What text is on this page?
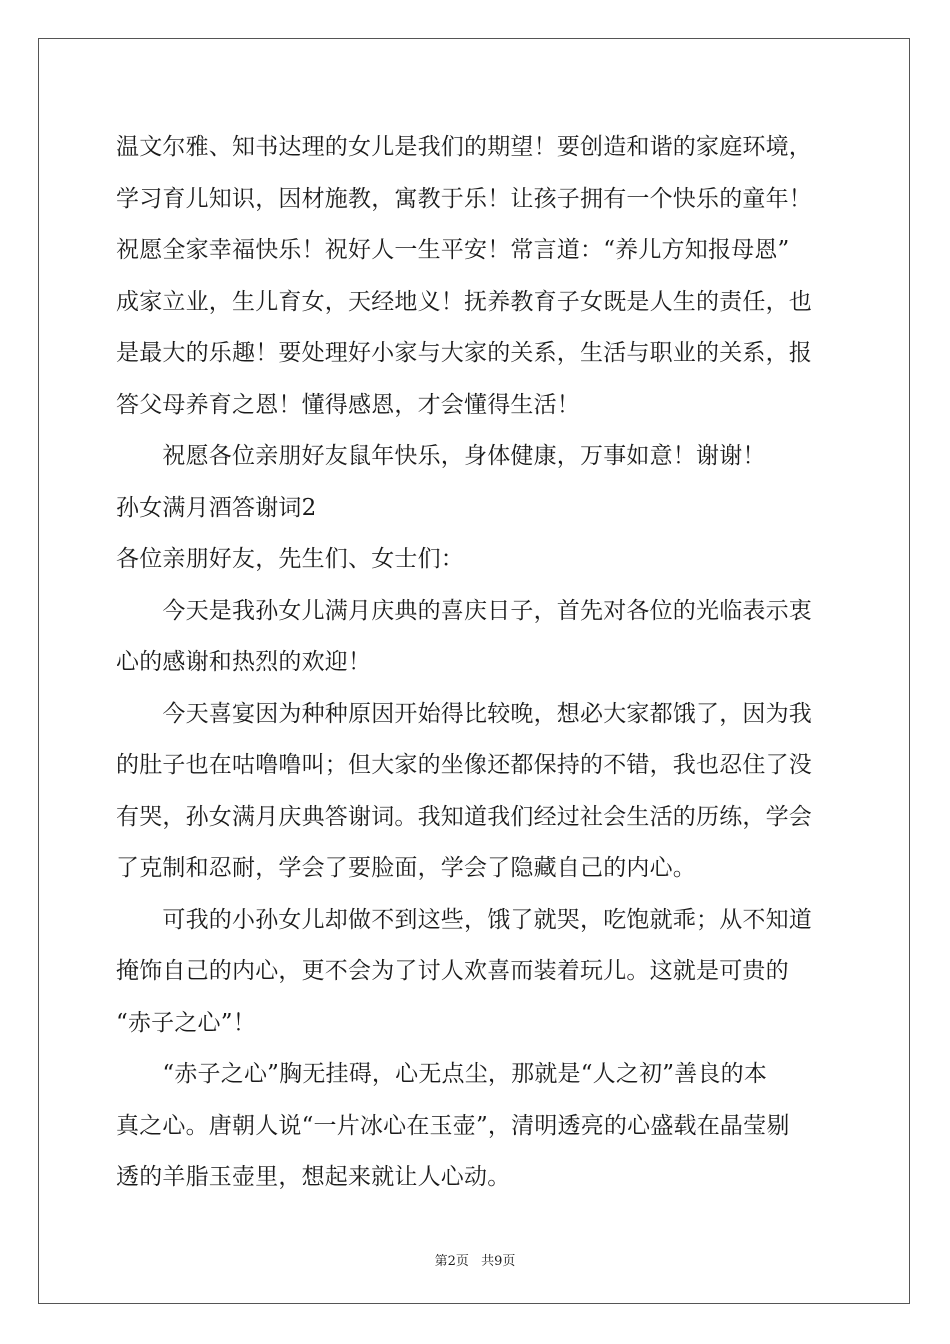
温文尔雅、知书达理的女儿是我们的期望！要创造和谐的家庭环境，
学习育儿知识，因材施教，寓教于乐！让孩子拥有一个快乐的童年！
祝愿全家幸福快乐！祝好人一生平安！常言道：“养儿方知报母恩”
成家立业，生儿育女，天经地义！抚养教育子女既是人生的责任，也
是最大的乐趣！要处理好小家与大家的关系，生活与职业的关系，报
答父母养育之恩！懂得感恩，才会懂得生活！
　　祝愿各位亲朋好友鼠年快乐，身体健康，万事如意！谢谢！
孙女满月酒答谢词2
各位亲朋好友，先生们、女士们：
　　今天是我孙女儿满月庆典的喜庆日子，首先对各位的光临表示衷
心的感谢和热烈的欢迎！
　　今天喜宴因为种种原因开始得比较晚，想必大家都饿了，因为我
的肚子也在咕噜噜叫；但大家的坐像还都保持的不错，我也忍住了没
有哭，孙女满月庆典答谢词。我知道我们经过社会生活的历练，学会
了克制和忍耐，学会了要脸面，学会了隐藏自己的内心。
　　可我的小孙女儿却做不到这些，饿了就哭，吃饱就乖；从不知道
掩饰自己的内心，更不会为了讨人欢喜而装着玩儿。这就是可贵的
“赤子之心”！
　　“赤子之心”胸无挂碍，心无点尘，那就是“人之初”善良的本
真之心。唐朝人说“一片冰心在玉壶”，清明透亮的心盛载在晶莹剔
透的羊脂玉壶里，想起来就让人心动。
第2页 共9页
